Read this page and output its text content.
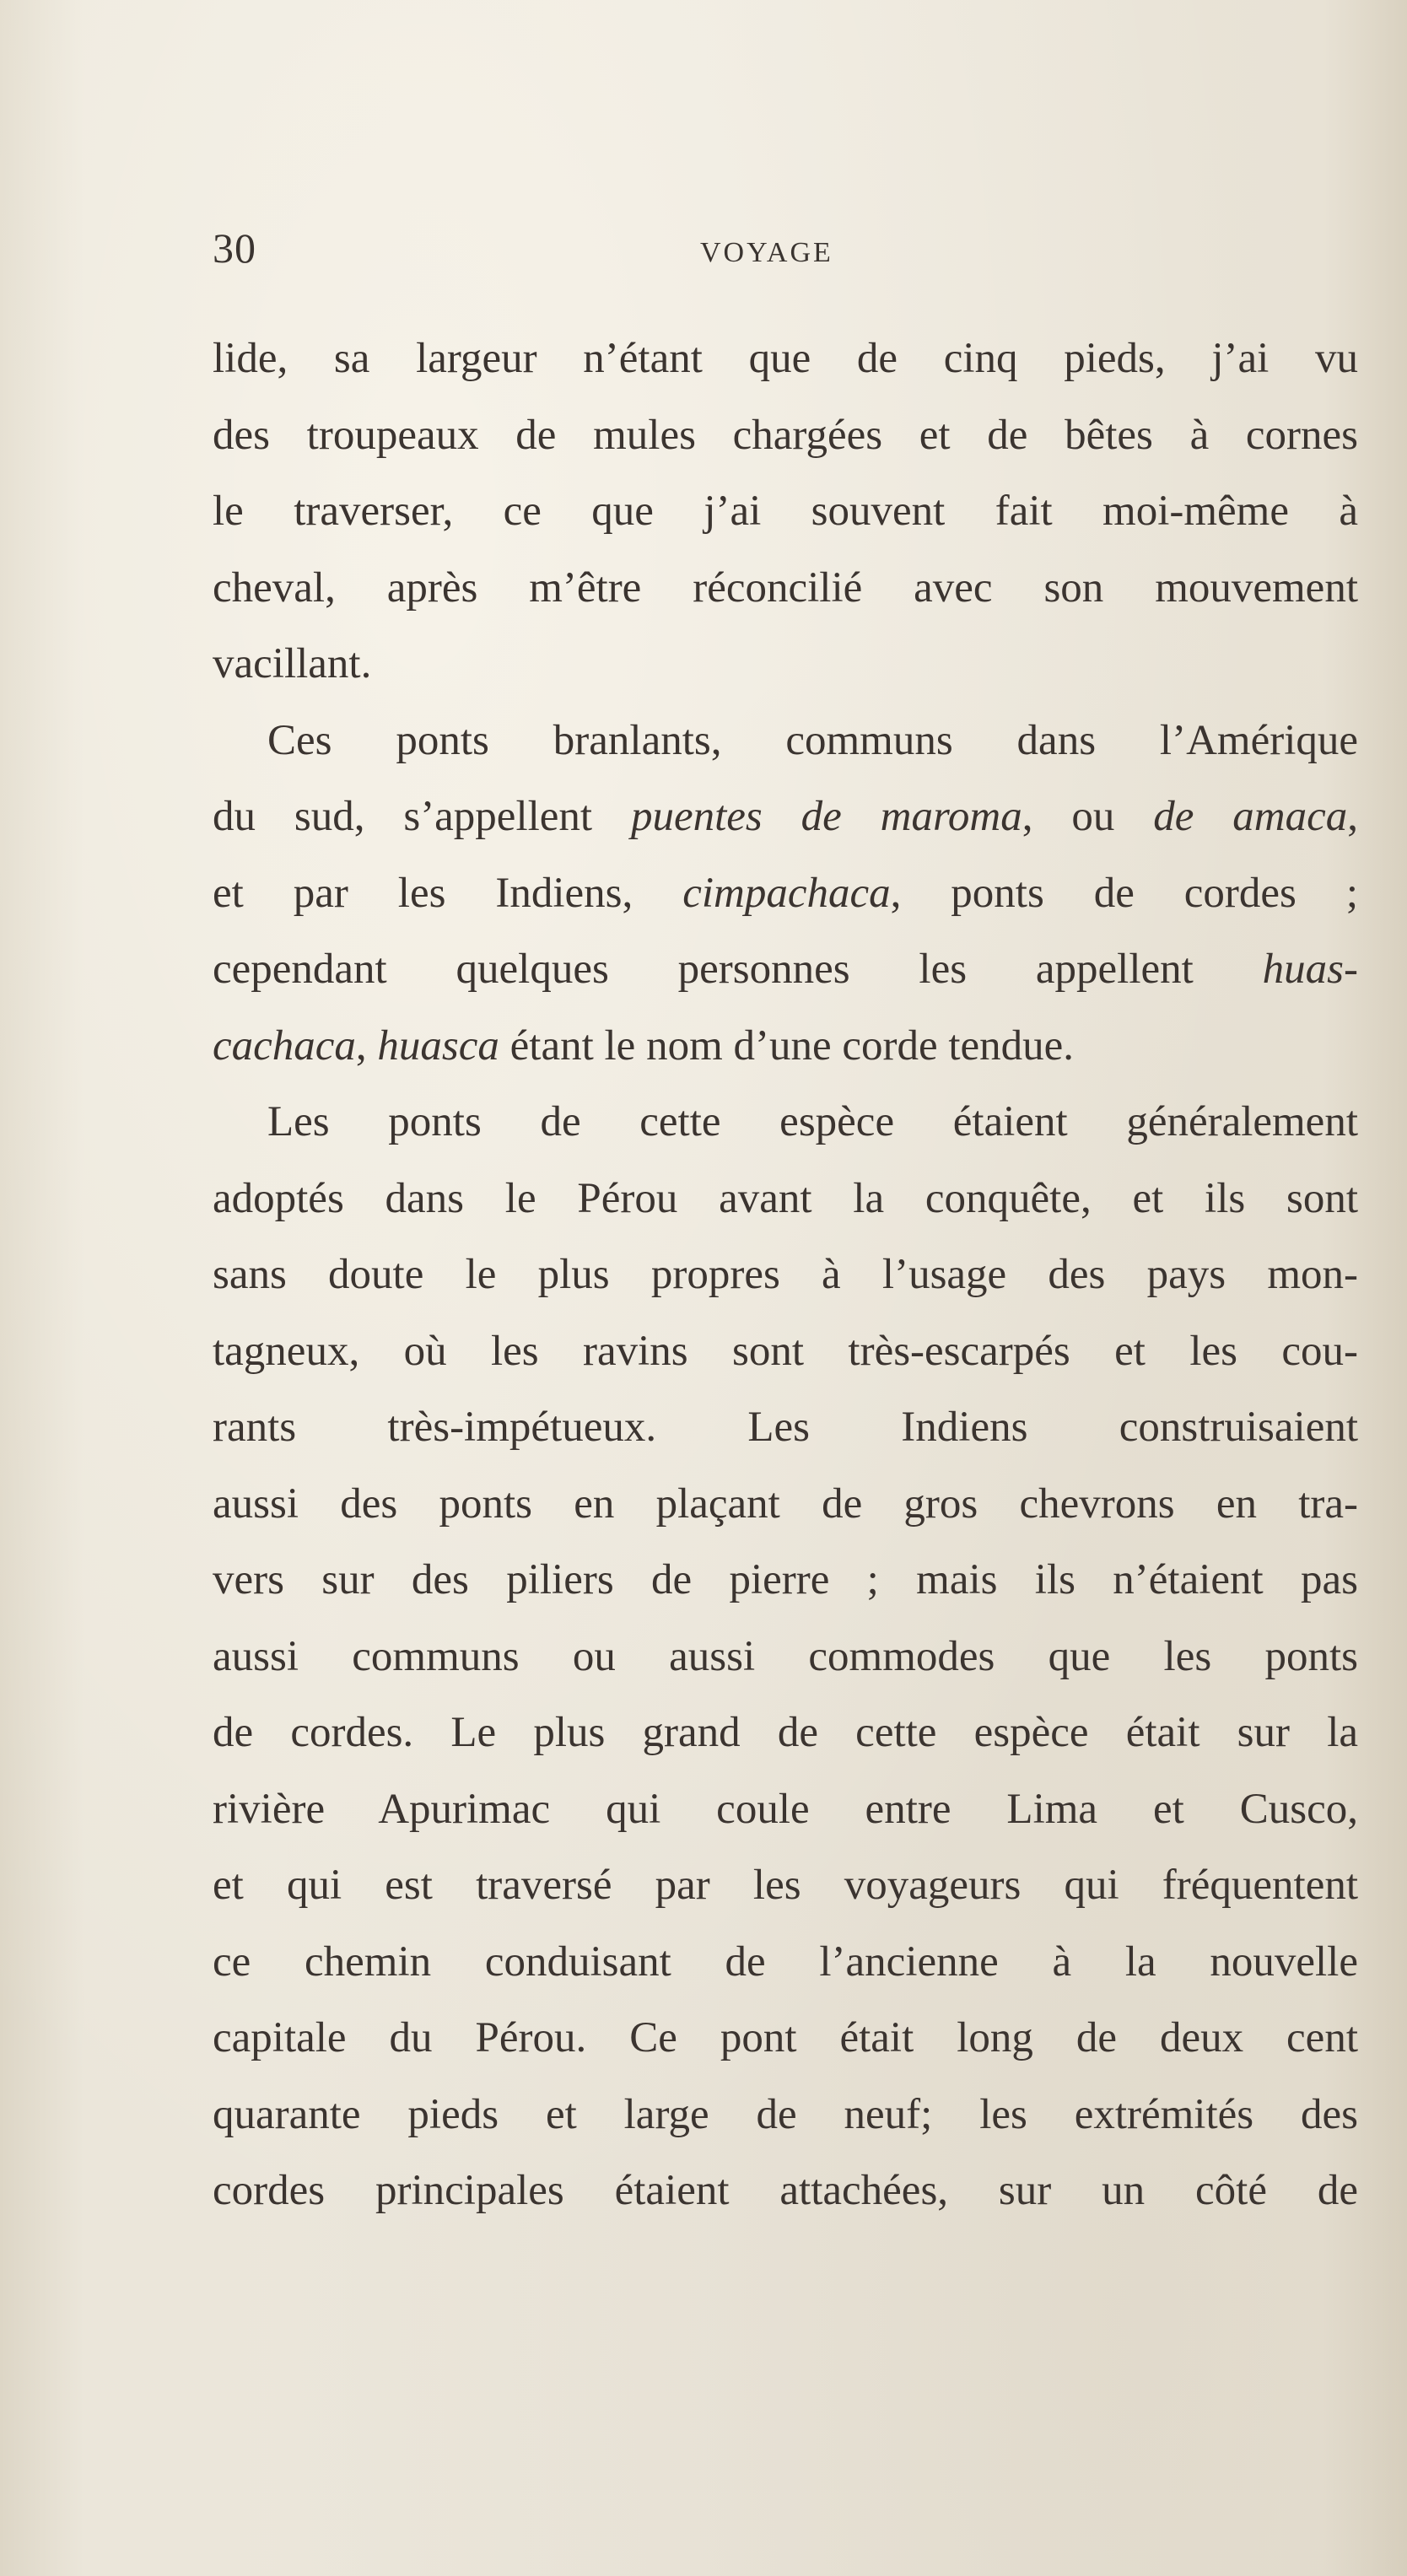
30	VOYAGE
lide, sa largeur n’étant que de cinq pieds, j’ai vu
des troupeaux de mules chargées et de bêtes à cornes
le traverser, ce que j’ai souvent fait moi-même à
cheval, après m’être réconcilié avec son mouvement
vacillant.
Ces ponts branlants, communs dans l’Amérique
du sud, s’appellent puentes de maroma, ou de amaca,
et par les Indiens, cimpachaca, ponts de cordes ;
cependant quelques personnes les appellent huas-
cachaca, huasca étant le nom d’une corde tendue.
Les ponts de cette espèce étaient généralement
adoptés dans le Pérou avant la conquête, et ils sont
sans doute le plus propres à l’usage des pays mon-
tagneux, où les ravins sont très-escarpés et les cou-
rants très-impétueux. Les Indiens construisaient
aussi des ponts en plaçant de gros chevrons en tra-
vers sur des piliers de pierre ; mais ils n’étaient pas
aussi communs ou aussi commodes que les ponts
de cordes. Le plus grand de cette espèce était sur la
rivière Apurimac qui coule entre Lima et Cusco,
et qui est traversé par les voyageurs qui fréquentent
ce chemin conduisant de l’ancienne à la nouvelle
capitale du Pérou. Ce pont était long de deux cent
quarante pieds et large de neuf; les extrémités des
cordes principales étaient attachées, sur un côté de
